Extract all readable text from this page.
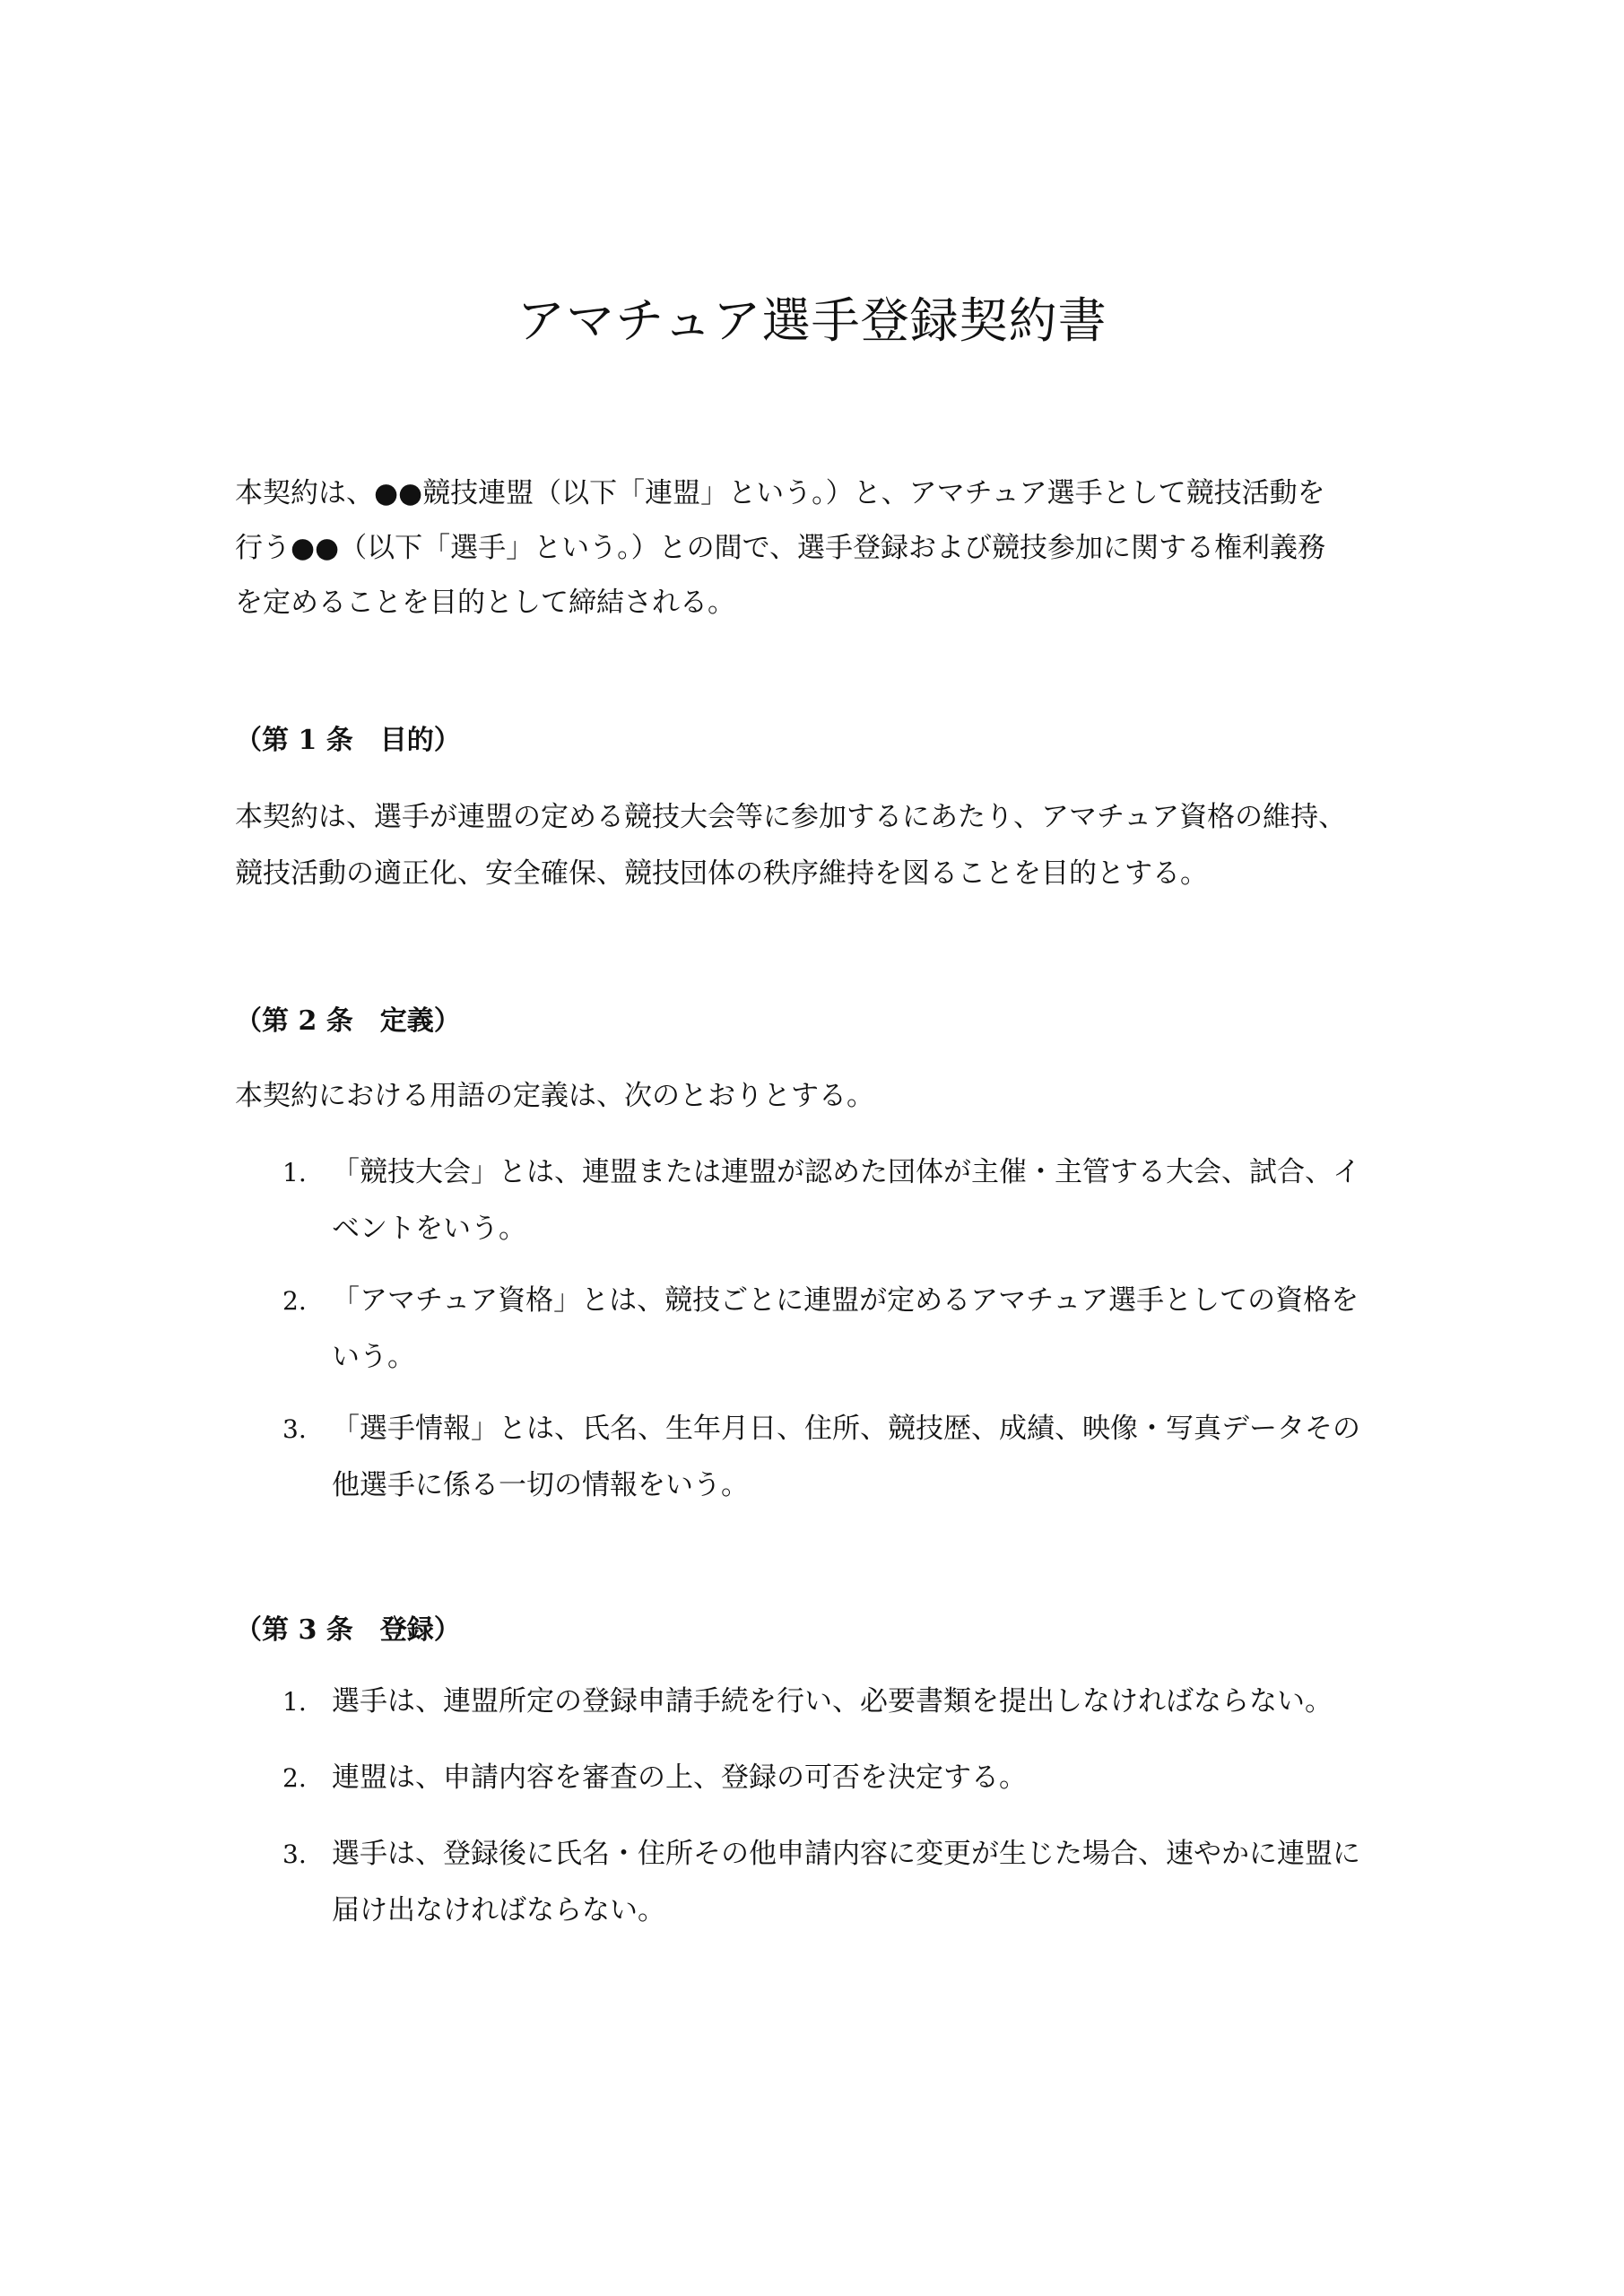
アマチュア選手登録契約書

本契約は、●●競技連盟（以下「連盟」という。）と、アマチュア選手として競技活動を
行う●●（以下「選手」という。）との間で、選手登録および競技参加に関する権利義務
を定めることを目的として締結される。

（第 1 条　目的）

本契約は、選手が連盟の定める競技大会等に参加するにあたり、アマチュア資格の維持、
競技活動の適正化、安全確保、競技団体の秩序維持を図ることを目的とする。

（第 2 条　定義）

本契約における用語の定義は、次のとおりとする。

1. 「競技大会」とは、連盟または連盟が認めた団体が主催・主管する大会、試合、イ
ベントをいう。
2. 「アマチュア資格」とは、競技ごとに連盟が定めるアマチュア選手としての資格を
いう。
3. 「選手情報」とは、氏名、生年月日、住所、競技歴、成績、映像・写真データその
他選手に係る一切の情報をいう。
（第 3 条　登録）
1. 選手は、連盟所定の登録申請手続を行い、必要書類を提出しなければならない。
2. 連盟は、申請内容を審査の上、登録の可否を決定する。
3. 選手は、登録後に氏名・住所その他申請内容に変更が生じた場合、速やかに連盟に
届け出なければならない。
